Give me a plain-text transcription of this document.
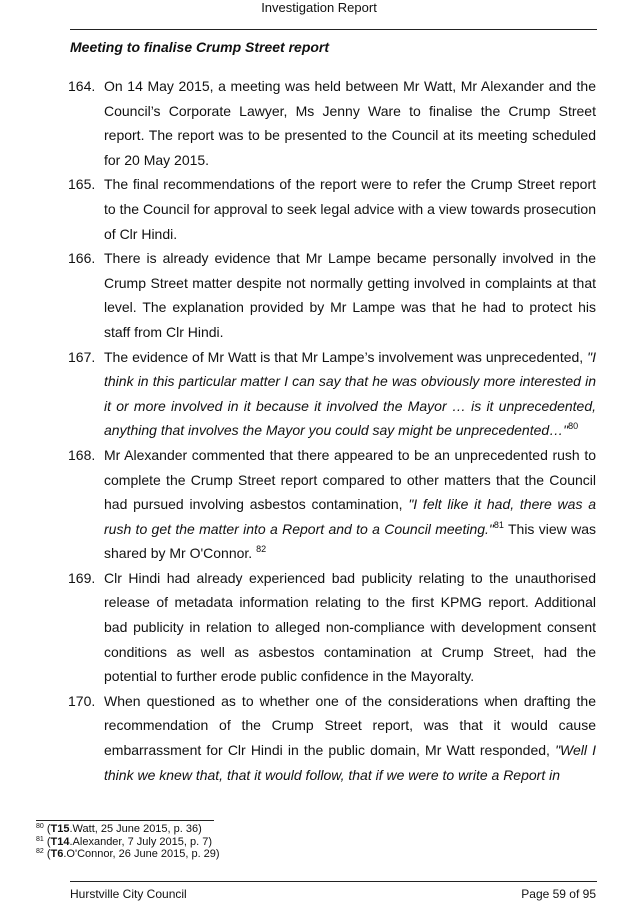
Investigation Report
Meeting to finalise Crump Street report
164. On 14 May 2015, a meeting was held between Mr Watt, Mr Alexander and the Council’s Corporate Lawyer, Ms Jenny Ware to finalise the Crump Street report. The report was to be presented to the Council at its meeting scheduled for 20 May 2015.
165. The final recommendations of the report were to refer the Crump Street report to the Council for approval to seek legal advice with a view towards prosecution of Clr Hindi.
166. There is already evidence that Mr Lampe became personally involved in the Crump Street matter despite not normally getting involved in complaints at that level. The explanation provided by Mr Lampe was that he had to protect his staff from Clr Hindi.
167. The evidence of Mr Watt is that Mr Lampe’s involvement was unprecedented, "I think in this particular matter I can say that he was obviously more interested in it or more involved in it because it involved the Mayor … is it unprecedented, anything that involves the Mayor you could say might be unprecedented…"$^{80}$
168. Mr Alexander commented that there appeared to be an unprecedented rush to complete the Crump Street report compared to other matters that the Council had pursued involving asbestos contamination, "I felt like it had, there was a rush to get the matter into a Report and to a Council meeting."$^{81}$ This view was shared by Mr O'Connor. $^{82}$
169. Clr Hindi had already experienced bad publicity relating to the unauthorised release of metadata information relating to the first KPMG report. Additional bad publicity in relation to alleged non-compliance with development consent conditions as well as asbestos contamination at Crump Street, had the potential to further erode public confidence in the Mayoralty.
170. When questioned as to whether one of the considerations when drafting the recommendation of the Crump Street report, was that it would cause embarrassment for Clr Hindi in the public domain, Mr Watt responded, "Well I think we knew that, that it would follow, that if we were to write a Report in
$^{80}$ (T15.Watt, 25 June 2015, p. 36)
$^{81}$ (T14.Alexander, 7 July 2015, p. 7)
$^{82}$ (T6.O'Connor, 26 June 2015, p. 29)
Hurstville City Council	Page 59 of 95
